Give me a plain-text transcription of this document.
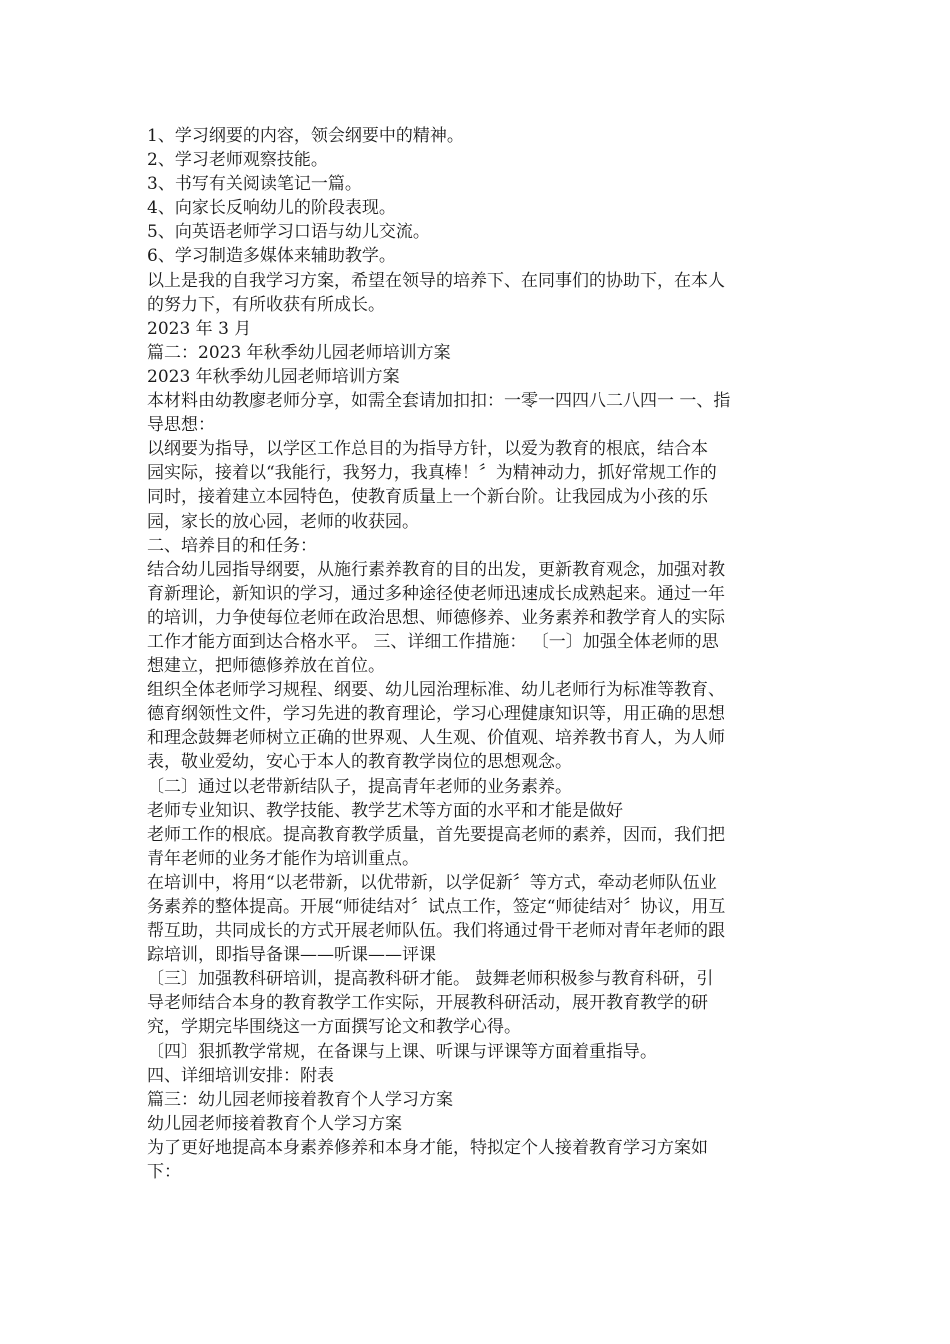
1、学习纲要的内容，领会纲要中的精神。
2、学习老师观察技能。
3、书写有关阅读笔记一篇。
4、向家长反响幼儿的阶段表现。
5、向英语老师学习口语与幼儿交流。
6、学习制造多媒体来辅助教学。
以上是我的自我学习方案，希望在领导的培养下、在同事们的协助下，在本人
的努力下，有所收获有所成长。
2023 年 3 月
篇二：2023 年秋季幼儿园老师培训方案
2023 年秋季幼儿园老师培训方案
本材料由幼教廖老师分享，如需全套请加扣扣：一零一四四八二八四一 一、指
导思想：
以纲要为指导，以学区工作总目的为指导方针，以爱为教育的根底，结合本
园实际，接着以“我能行，我努力，我真棒！〞为精神动力，抓好常规工作的
同时，接着建立本园特色，使教育质量上一个新台阶。让我园成为小孩的乐
园，家长的放心园，老师的收获园。
二、培养目的和任务：
结合幼儿园指导纲要，从施行素养教育的目的出发，更新教育观念，加强对教
育新理论，新知识的学习，通过多种途径使老师迅速成长成熟起来。通过一年
的培训，力争使每位老师在政治思想、师德修养、业务素养和教学育人的实际
工作才能方面到达合格水平。 三、详细工作措施： 〔一〕加强全体老师的思
想建立，把师德修养放在首位。
组织全体老师学习规程、纲要、幼儿园治理标准、幼儿老师行为标准等教育、
德育纲领性文件，学习先进的教育理论，学习心理健康知识等，用正确的思想
和理念鼓舞老师树立正确的世界观、人生观、价值观、培养教书育人，为人师
表，敬业爱幼，安心于本人的教育教学岗位的思想观念。
〔二〕通过以老带新结队子，提高青年老师的业务素养。
老师专业知识、教学技能、教学艺术等方面的水平和才能是做好
老师工作的根底。提高教育教学质量，首先要提高老师的素养，因而，我们把
青年老师的业务才能作为培训重点。
在培训中，将用“以老带新，以优带新，以学促新〞等方式，牵动老师队伍业
务素养的整体提高。开展“师徒结对〞试点工作，签定“师徒结对〞协议，用互
帮互助，共同成长的方式开展老师队伍。我们将通过骨干老师对青年老师的跟
踪培训，即指导备课——听课——评课
〔三〕加强教科研培训，提高教科研才能。 鼓舞老师积极参与教育科研，引
导老师结合本身的教育教学工作实际，开展教科研活动，展开教育教学的研
究，学期完毕围绕这一方面撰写论文和教学心得。
〔四〕狠抓教学常规，在备课与上课、听课与评课等方面着重指导。
四、详细培训安排：附表
篇三：幼儿园老师接着教育个人学习方案
幼儿园老师接着教育个人学习方案
为了更好地提高本身素养修养和本身才能，特拟定个人接着教育学习方案如
下：
